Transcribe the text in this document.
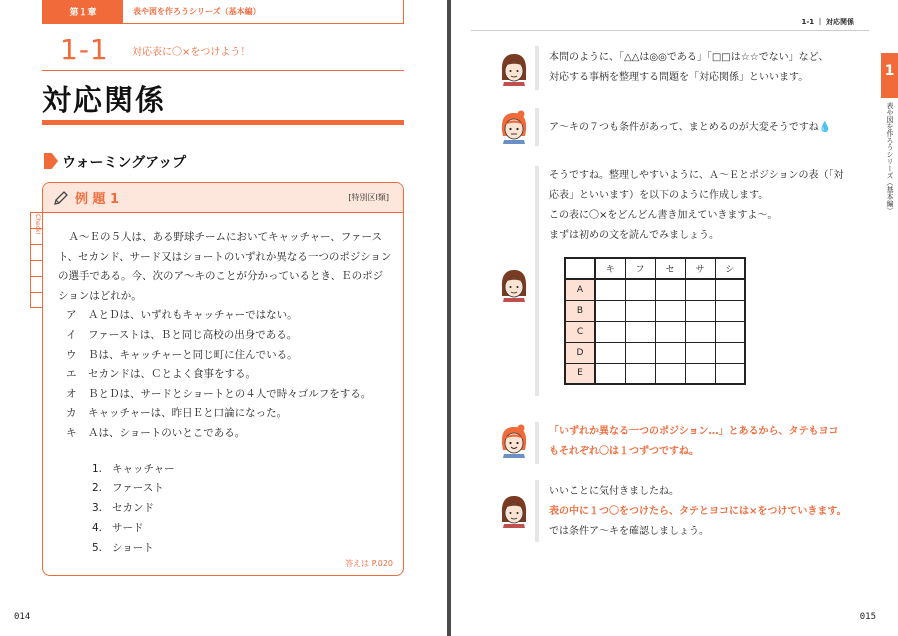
第１章	表や図を作ろうシリーズ（基本編）
1-1 対応表に〇×をつけよう！
対応関係
ウォーミングアップ
Check!
例 題 1	[特別区Ⅰ類]
答えは P.020

Ａ～Ｅの５人は、ある野球チームにおいてキャッチャー、ファースト、セカンド、サード又はショートのいずれか異なる一つのポジションの選手である。今、次のア～キのことが分かっているとき、Ｅのポジションはどれか。

ア	ＡとＤは、いずれもキャッチャーではない。
イ	ファーストは、Ｂと同じ高校の出身である。
ウ	Ｂは、キャッチャーと同じ町に住んでいる。
エ	セカンドは、Ｃとよく食事をする。
オ	ＢとＤは、サードとショートとの４人で時々ゴルフをする。
カ	キャッチャーは、昨日Ｅと口論になった。
キ	Ａは、ショートのいとこである。
1. キャッチャー
2. ファースト
3. セカンド
4. サード
5. ショート
014
1-1 ｜ 対応関係
1
表や図を作ろうシリーズ（基本編）
本問のように、「△△は◎◎である」「□□は☆☆でない」など、
対応する事柄を整理する問題を「対応関係」といいます。
ア～キの７つも条件があって、まとめるのが大変そうですね💧
そうですね。整理しやすいように、Ａ～Ｅとポジションの表（「対
応表」といいます）を以下のように作成します。
この表に〇×をどんどん書き加えていきますよ～。
まずは初めの文を読んでみましょう。
	キ	フ	セ	サ	シ
A					
B					
C					
D					
E					
「いずれか異なる一つのポジション…」とあるから、タテもヨコ
もそれぞれ〇は１つずつですね。
いいことに気付きましたね。
表の中に１つ〇をつけたら、タテとヨコには×をつけていきます。
では条件ア～キを確認しましょう。
015
